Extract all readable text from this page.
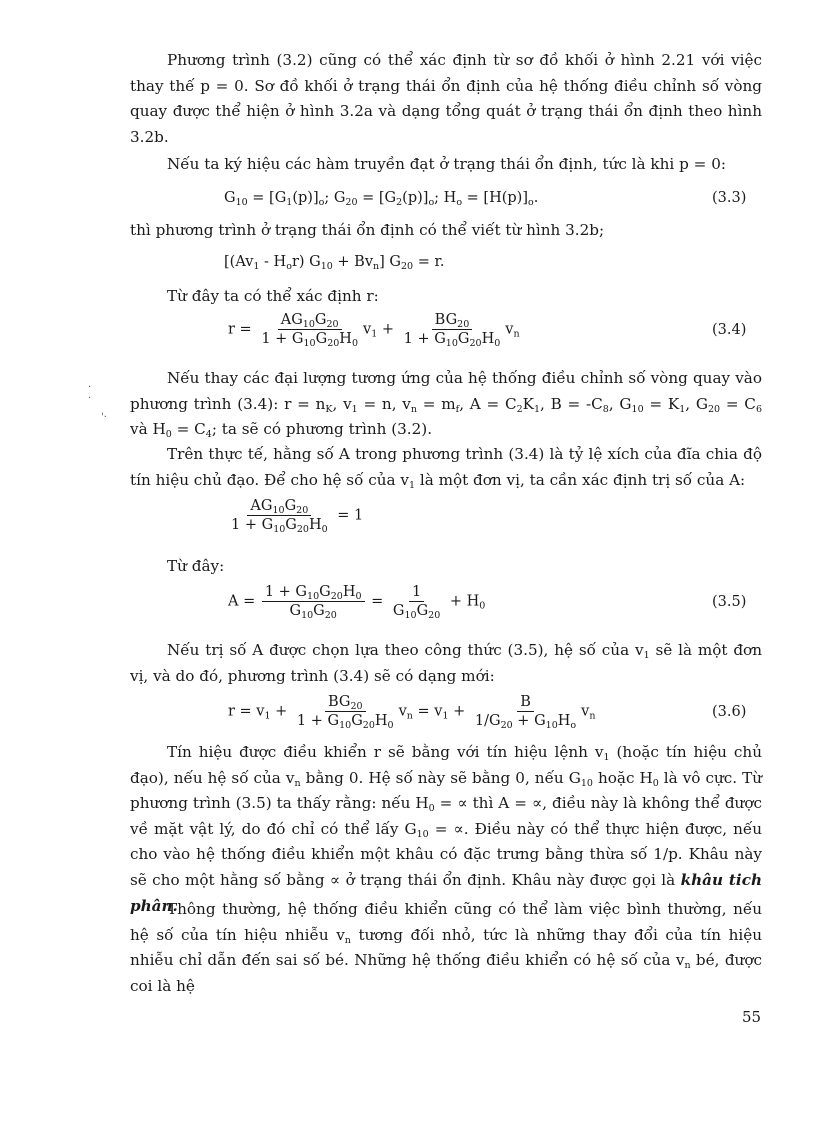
Phương trình (3.2) cũng có thể xác định từ sơ đồ khối ở hình 2.21 với việc thay thế p = 0. Sơ đồ khối ở trạng thái ổn định của hệ thống điều chỉnh số vòng quay được thể hiện ở hình 3.2a và dạng tổng quát ở trạng thái ổn định theo hình 3.2b.

Nếu ta ký hiệu các hàm truyền đạt ở trạng thái ổn định, tức là khi p = 0:

$G_{10} = [G_1(p)]_o$; $G_{20} = [G_2(p)]_o$; $H_o = [H(p)]_o$.	(3.3)

thì phương trình ở trạng thái ổn định có thể viết từ hình 3.2b;

$[(Av_1 - H_or) G_{10} + Bv_n] G_{20} = r$.

Từ đây ta có thể xác định r:

$r = \frac{AG_{10}G_{20}}{1 + G_{10}G_{20}H_0} v_1 + \frac{BG_{20}}{1 + G_{10}G_{20}H_0} v_n$	(3.4)

Nếu thay các đại lượng tương ứng của hệ thống điều chỉnh số vòng quay vào phương trình (3.4): $r = n_K$, $v_1 = n$, $v_n = m_f$, $A = C_2K_1$, $B = -C_8$, $G_{10} = K_1$, $G_{20} = C_6$ và $H_0 = C_4$; ta sẽ có phương trình (3.2).

Trên thực tế, hằng số A trong phương trình (3.4) là tỷ lệ xích của đĩa chia độ tín hiệu chủ đạo. Để cho hệ số của $v_1$ là một đơn vị, ta cần xác định trị số của A:

$\frac{AG_{10}G_{20}}{1 + G_{10}G_{20}H_0} = 1$

Từ đây:

$A = \frac{1 + G_{10}G_{20}H_0}{G_{10}G_{20}} = \frac{1}{G_{10}G_{20}} + H_0$	(3.5)

Nếu trị số A được chọn lựa theo công thức (3.5), hệ số của $v_1$ sẽ là một đơn vị, và do đó, phương trình (3.4) sẽ có dạng mới:

$r = v_1 + \frac{BG_{20}}{1 + G_{10}G_{20}H_0} v_n = v_1 + \frac{B}{1/G_{20} + G_{10}H_o} v_n$	(3.6)

Tín hiệu được điều khiển r sẽ bằng với tín hiệu lệnh $v_1$ (hoặc tín hiệu chủ đạo), nếu hệ số của $v_n$ bằng 0. Hệ số này sẽ bằng 0, nếu $G_{10}$ hoặc $H_0$ là vô cực. Từ phương trình (3.5) ta thấy rằng: nếu $H_0$ = ∝ thì A = ∝, điều này là không thể được về mặt vật lý, do đó chỉ có thể lấy $G_{10}$ = ∝. Điều này có thể thực hiện được, nếu cho vào hệ thống điều khiển một khâu có đặc trưng bằng thừa số 1/p. Khâu này sẽ cho một hằng số bằng ∝ ở trạng thái ổn định. Khâu này được gọi là khâu tich phân.

Thông thường, hệ thống điều khiển cũng có thể làm việc bình thường, nếu hệ số của tín hiệu nhiễu $v_n$ tương đối nhỏ, tức là những thay đổi của tín hiệu nhiễu chỉ dẫn đến sai số bé. Những hệ thống điều khiển có hệ số của $v_n$ bé, được coi là hệ

·
·
'·
55
